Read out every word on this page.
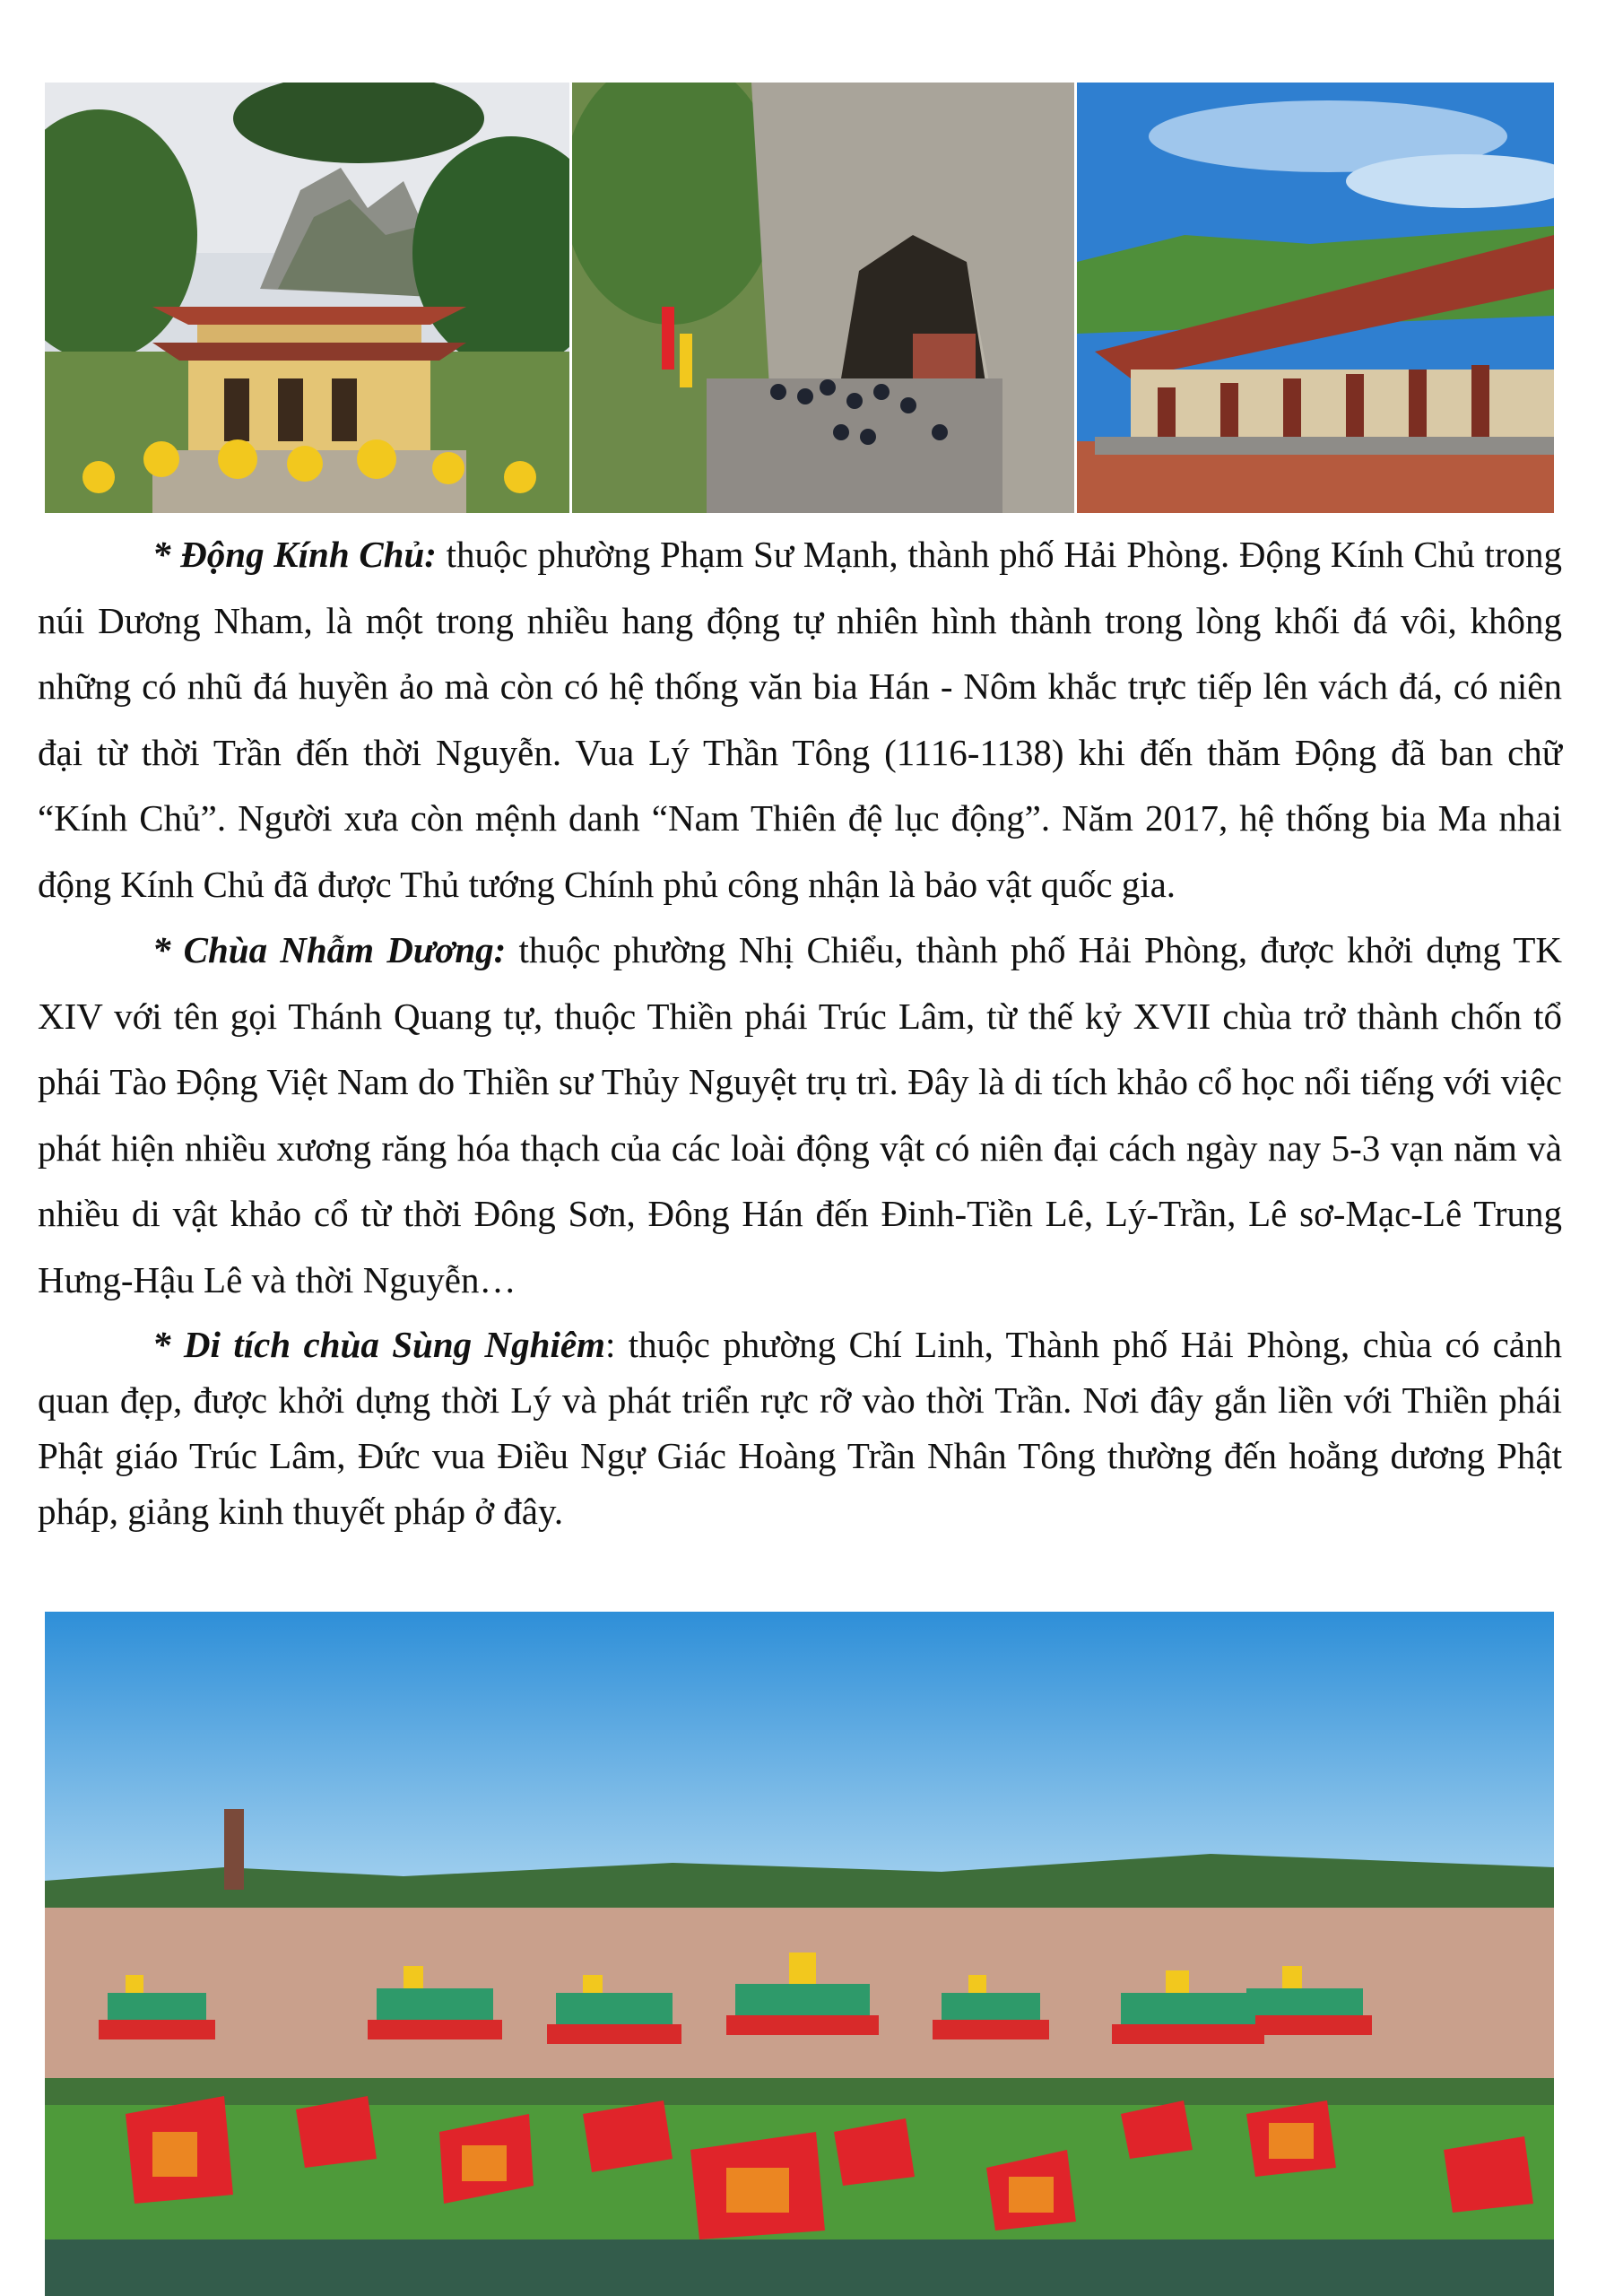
* Động Kính Chủ: thuộc phường Phạm Sư Mạnh, thành phố Hải Phòng. Động Kính Chủ trong núi Dương Nham, là một trong nhiều hang động tự nhiên hình thành trong lòng khối đá vôi, không những có nhũ đá huyền ảo mà còn có hệ thống văn bia Hán - Nôm khắc trực tiếp lên vách đá, có niên đại từ thời Trần đến thời Nguyễn. Vua Lý Thần Tông (1116-1138) khi đến thăm Động đã ban chữ “Kính Chủ”. Người xưa còn mệnh danh “Nam Thiên đệ lục động”. Năm 2017, hệ thống bia Ma nhai động Kính Chủ đã được Thủ tướng Chính phủ công nhận là bảo vật quốc gia.

* Chùa Nhẫm Dương: thuộc phường Nhị Chiểu, thành phố Hải Phòng, được khởi dựng TK XIV với tên gọi Thánh Quang tự, thuộc Thiền phái Trúc Lâm, từ thế kỷ XVII chùa trở thành chốn tổ phái Tào Động Việt Nam do Thiền sư Thủy Nguyệt trụ trì. Đây là di tích khảo cổ học nổi tiếng với việc phát hiện nhiều xương răng hóa thạch của các loài động vật có niên đại cách ngày nay 5-3 vạn năm và nhiều di vật khảo cổ từ thời Đông Sơn, Đông Hán đến Đinh-Tiền Lê, Lý-Trần, Lê sơ-Mạc-Lê Trung Hưng-Hậu Lê và thời Nguyễn…

* Di tích chùa Sùng Nghiêm: thuộc phường Chí Linh, Thành phố Hải Phòng, chùa có cảnh quan đẹp, được khởi dựng thời Lý và phát triển rực rỡ vào thời Trần. Nơi đây gắn liền với Thiền phái Phật giáo Trúc Lâm, Đức vua Điều Ngự Giác Hoàng Trần Nhân Tông thường đến hoằng dương Phật pháp, giảng kinh thuyết pháp ở đây.
